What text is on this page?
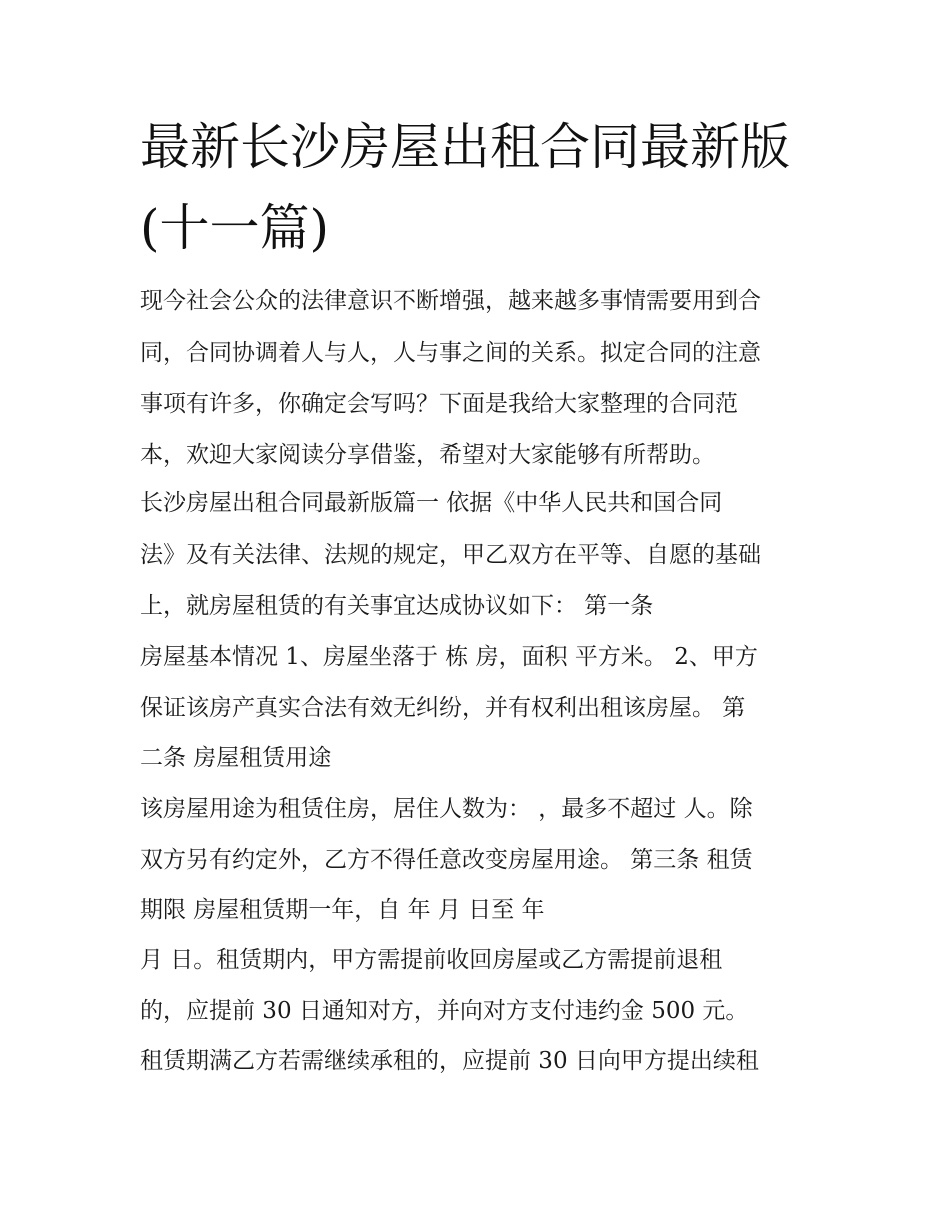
最新长沙房屋出租合同最新版
(十一篇)
现今社会公众的法律意识不断增强，越来越多事情需要用到合
同，合同协调着人与人，人与事之间的关系。拟定合同的注意
事项有许多，你确定会写吗？下面是我给大家整理的合同范
本，欢迎大家阅读分享借鉴，希望对大家能够有所帮助。
长沙房屋出租合同最新版篇一 依据《中华人民共和国合同
法》及有关法律、法规的规定，甲乙双方在平等、自愿的基础
上，就房屋租赁的有关事宜达成协议如下： 第一条
房屋基本情况 1、房屋坐落于 栋 房，面积 平方米。 2、甲方
保证该房产真实合法有效无纠纷，并有权利出租该房屋。 第
二条 房屋租赁用途
该房屋用途为租赁住房，居住人数为： ，最多不超过 人。除
双方另有约定外，乙方不得任意改变房屋用途。 第三条 租赁
期限 房屋租赁期一年，自 年 月 日至 年
月 日。租赁期内，甲方需提前收回房屋或乙方需提前退租
的，应提前 30 日通知对方，并向对方支付违约金 500 元。
租赁期满乙方若需继续承租的，应提前 30 日向甲方提出续租
